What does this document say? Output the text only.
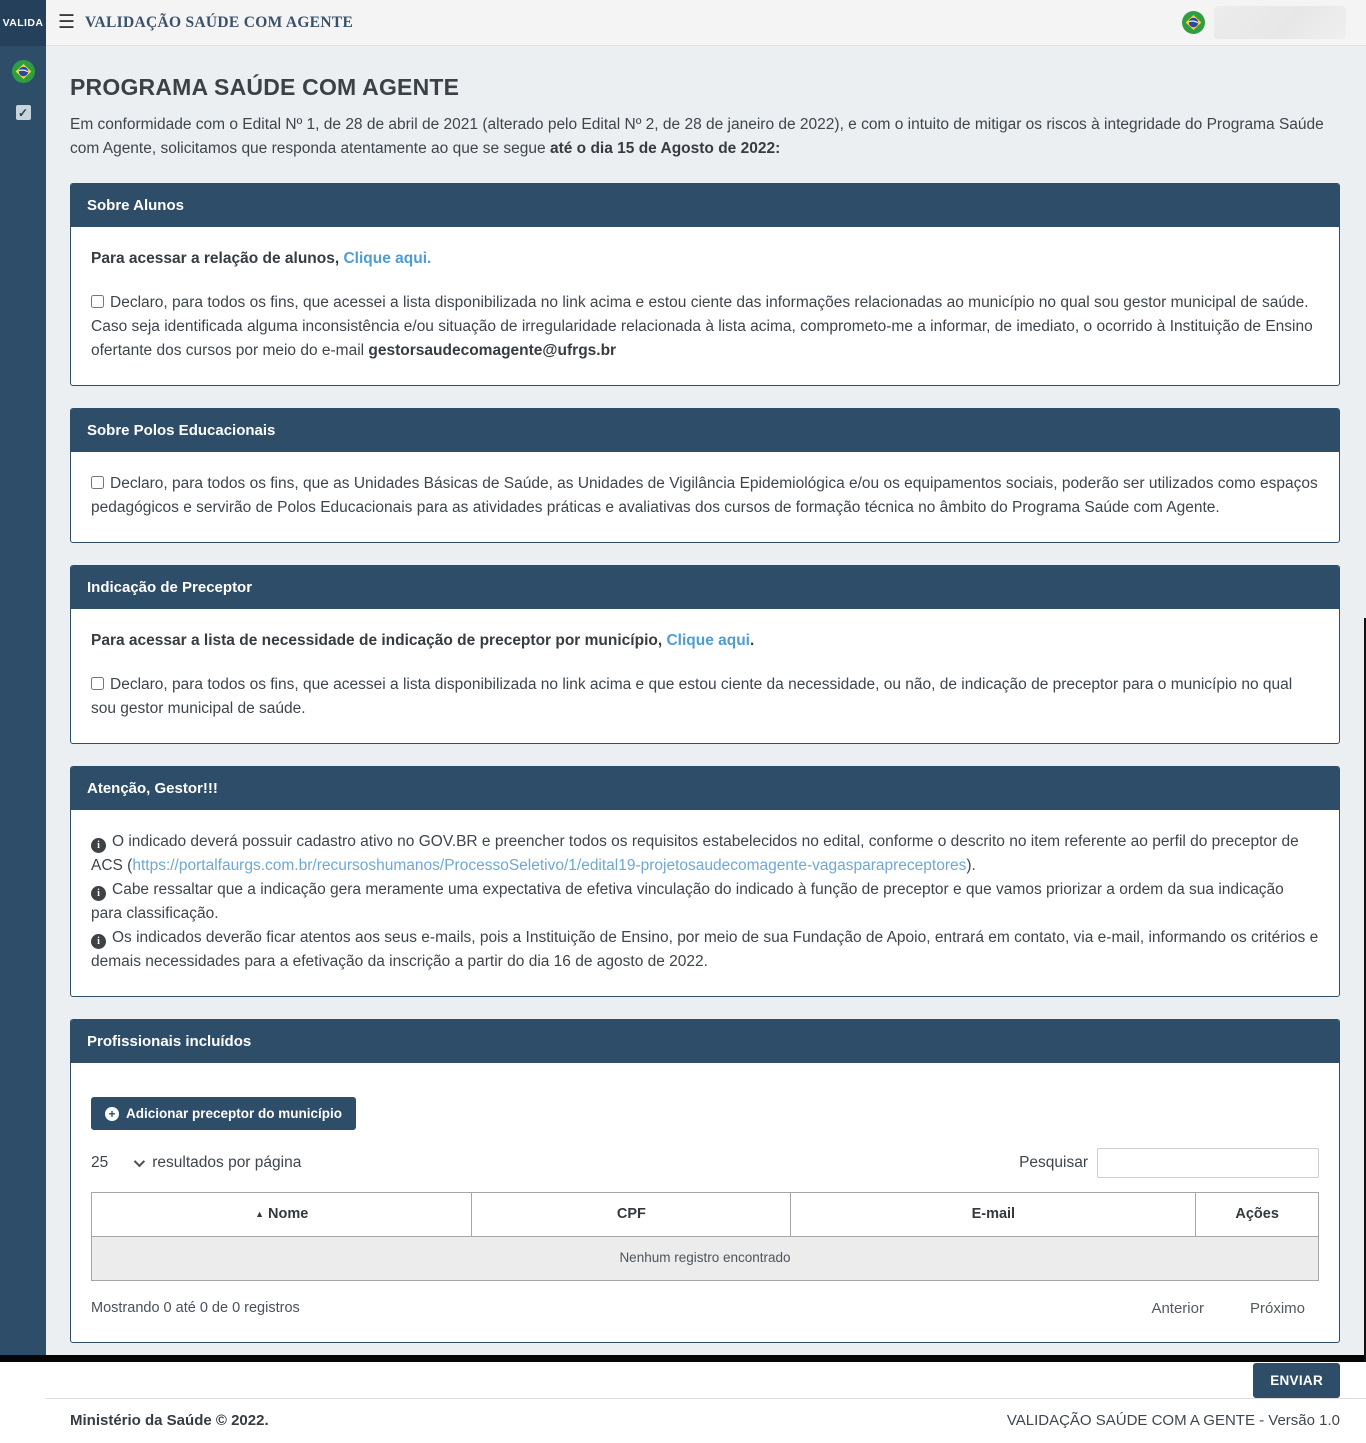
VALIDA
✓
☰ VALIDAÇÃO SAÚDE COM AGENTE
PROGRAMA SAÚDE COM AGENTE

Em conformidade com o Edital Nº 1, de 28 de abril de 2021 (alterado pelo Edital Nº 2, de 28 de janeiro de 2022), e com o intuito de mitigar os riscos à integridade do Programa Saúde com Agente, solicitamos que responda atentamente ao que se segue até o dia 15 de Agosto de 2022:

Sobre Alunos

Para acessar a relação de alunos, Clique aqui.

Declaro, para todos os fins, que acessei a lista disponibilizada no link acima e estou ciente das informações relacionadas ao município no qual sou gestor municipal de saúde. Caso seja identificada alguma inconsistência e/ou situação de irregularidade relacionada à lista acima, comprometo-me a informar, de imediato, o ocorrido à Instituição de Ensino ofertante dos cursos por meio do e-mail gestorsaudecomagente@ufrgs.br
Sobre Polos Educacionais
Declaro, para todos os fins, que as Unidades Básicas de Saúde, as Unidades de Vigilância Epidemiológica e/ou os equipamentos sociais, poderão ser utilizados como espaços pedagógicos e servirão de Polos Educacionais para as atividades práticas e avaliativas dos cursos de formação técnica no âmbito do Programa Saúde com Agente.
Indicação de Preceptor

Para acessar a lista de necessidade de indicação de preceptor por município, Clique aqui.

Declaro, para todos os fins, que acessei a lista disponibilizada no link acima e que estou ciente da necessidade, ou não, de indicação de preceptor para o município no qual sou gestor municipal de saúde.
Atenção, Gestor!!!

i O indicado deverá possuir cadastro ativo no GOV.BR e preencher todos os requisitos estabelecidos no edital, conforme o descrito no item referente ao perfil do preceptor de ACS (https://portalfaurgs.com.br/recursoshumanos/ProcessoSeletivo/1/edital19-projetosaudecomagente-vagasparapreceptores).

i Cabe ressaltar que a indicação gera meramente uma expectativa de efetiva vinculação do indicado à função de preceptor e que vamos priorizar a ordem da sua indicação para classificação.

i Os indicados deverão ficar atentos aos seus e-mails, pois a Instituição de Ensino, por meio de sua Fundação de Apoio, entrará em contato, via e-mail, informando os critérios e demais necessidades para a efetivação da inscrição a partir do dia 16 de agosto de 2022.

Profissionais incluídos
+ Adicionar preceptor do município
25	resultados por página	Pesquisar
▲ Nome	CPF	E-mail	Ações
Nenhum registro encontrado
Mostrando 0 até 0 de 0 registros	Anterior	Próximo
ENVIAR
Ministério da Saúde © 2022.	VALIDAÇÃO SAÚDE COM A GENTE - Versão 1.0
